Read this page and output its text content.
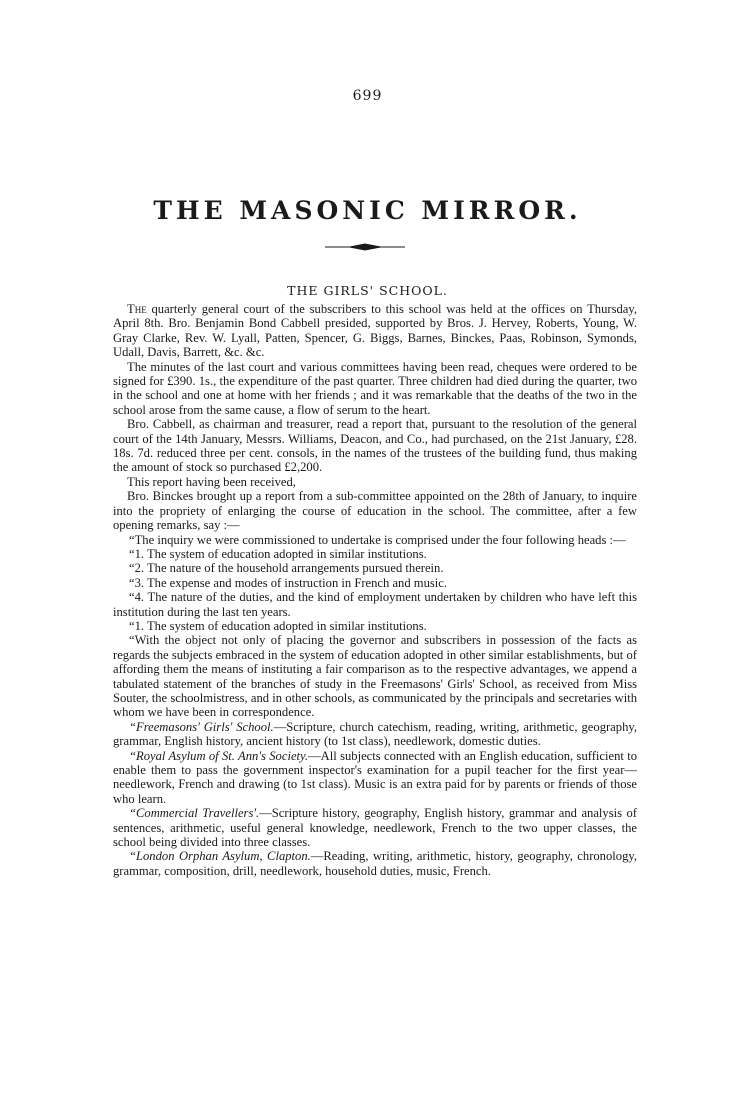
699
THE MASONIC MIRROR.
THE GIRLS' SCHOOL.

The quarterly general court of the subscribers to this school was held at the offices on Thursday, April 8th. Bro. Benjamin Bond Cabbell presided, supported by Bros. J. Hervey, Roberts, Young, W. Gray Clarke, Rev. W. Lyall, Patten, Spencer, G. Biggs, Barnes, Binckes, Paas, Robinson, Symonds, Udall, Davis, Barrett, &c. &c.

The minutes of the last court and various committees having been read, cheques were ordered to be signed for £390. 1s., the expenditure of the past quarter. Three children had died during the quarter, two in the school and one at home with her friends ; and it was remarkable that the deaths of the two in the school arose from the same cause, a flow of serum to the heart.

Bro. Cabbell, as chairman and treasurer, read a report that, pursuant to the resolution of the general court of the 14th January, Messrs. Williams, Deacon, and Co., had purchased, on the 21st January, £28. 18s. 7d. reduced three per cent. consols, in the names of the trustees of the building fund, thus making the amount of stock so purchased £2,200.

This report having been received,

Bro. Binckes brought up a report from a sub-committee appointed on the 28th of January, to inquire into the propriety of enlarging the course of education in the school. The committee, after a few opening remarks, say :—

“The inquiry we were commissioned to undertake is comprised under the four following heads :—

“1. The system of education adopted in similar institutions.

“2. The nature of the household arrangements pursued therein.

“3. The expense and modes of instruction in French and music.

“4. The nature of the duties, and the kind of employment undertaken by children who have left this institution during the last ten years.

“1. The system of education adopted in similar institutions.

“With the object not only of placing the governor and subscribers in possession of the facts as regards the subjects embraced in the system of education adopted in other similar establishments, but of affording them the means of instituting a fair comparison as to the respective advantages, we append a tabulated statement of the branches of study in the Freemasons' Girls' School, as received from Miss Souter, the schoolmistress, and in other schools, as communicated by the principals and secretaries with whom we have been in correspondence.

“Freemasons' Girls' School.—Scripture, church catechism, reading, writing, arithmetic, geography, grammar, English history, ancient history (to 1st class), needlework, domestic duties.

“Royal Asylum of St. Ann's Society.—All subjects connected with an English education, sufficient to enable them to pass the government inspector's examination for a pupil teacher for the first year—needlework, French and drawing (to 1st class). Music is an extra paid for by parents or friends of those who learn.

“Commercial Travellers'.—Scripture history, geography, English history, grammar and analysis of sentences, arithmetic, useful general knowledge, needlework, French to the two upper classes, the school being divided into three classes.

“London Orphan Asylum, Clapton.—Reading, writing, arithmetic, history, geography, chronology, grammar, composition, drill, needlework, household duties, music, French.
